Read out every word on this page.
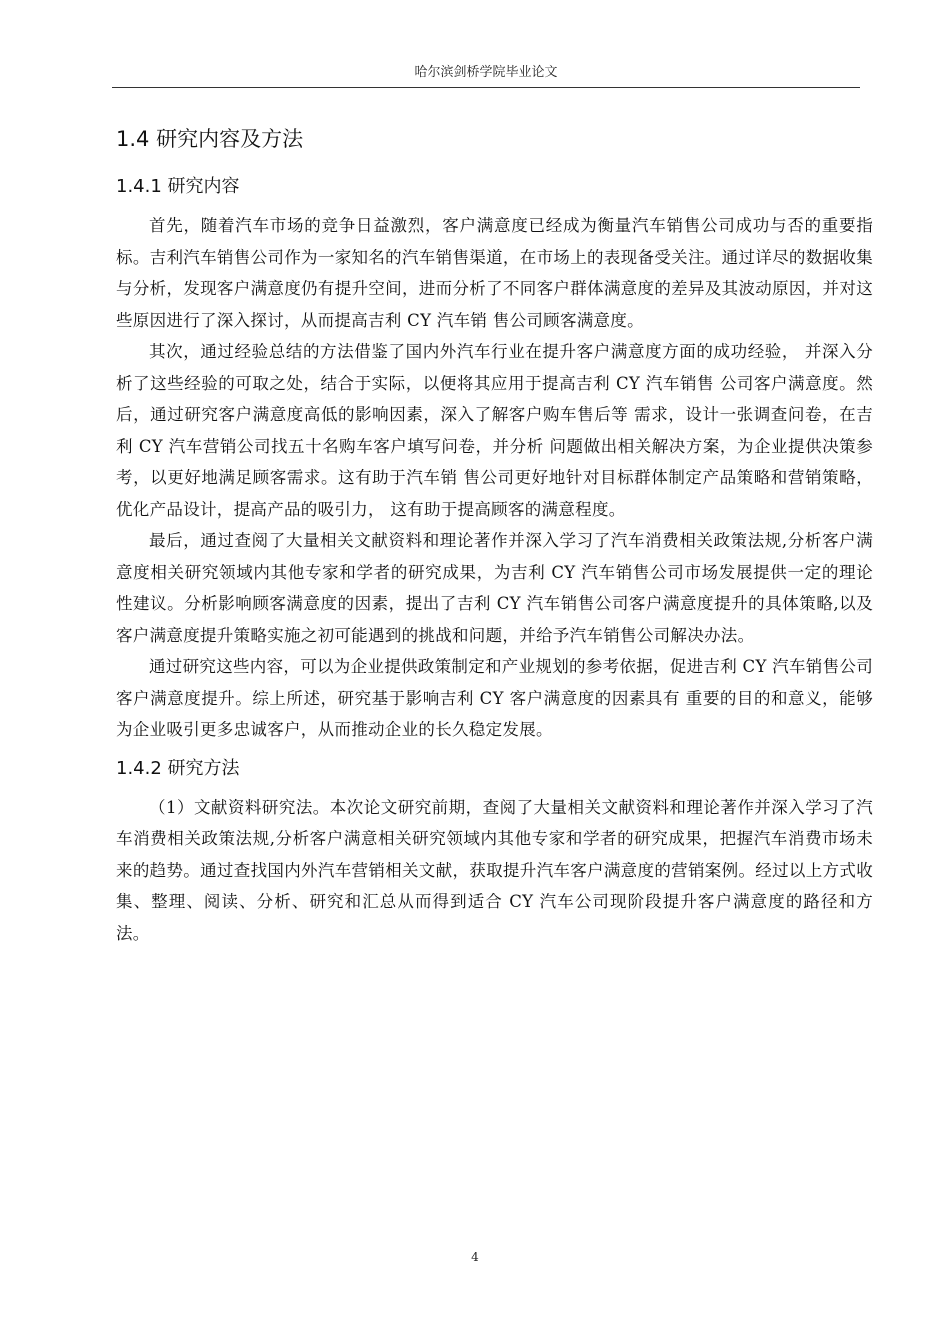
哈尔滨剑桥学院毕业论文
1.4 研究内容及方法
1.4.1 研究内容

首先，随着汽车市场的竞争日益激烈，客户满意度已经成为衡量汽车销售公司成功与否的重要指标。吉利汽车销售公司作为一家知名的汽车销售渠道，在市场上的表现备受关注。通过详尽的数据收集与分析，发现客户满意度仍有提升空间，进而分析了不同客户群体满意度的差异及其波动原因，并对这些原因进行了深入探讨，从而提高吉利 CY 汽车销 售公司顾客满意度。

其次，通过经验总结的方法借鉴了国内外汽车行业在提升客户满意度方面的成功经验， 并深入分析了这些经验的可取之处，结合于实际，以便将其应用于提高吉利 CY 汽车销售 公司客户满意度。然后，通过研究客户满意度高低的影响因素，深入了解客户购车售后等 需求，设计一张调查问卷，在吉利 CY 汽车营销公司找五十名购车客户填写问卷，并分析 问题做出相关解决方案，为企业提供决策参考，以更好地满足顾客需求。这有助于汽车销 售公司更好地针对目标群体制定产品策略和营销策略，优化产品设计，提高产品的吸引力， 这有助于提高顾客的满意程度。

最后，通过查阅了大量相关文献资料和理论著作并深入学习了汽车消费相关政策法规,分析客户满意度相关研究领域内其他专家和学者的研究成果，为吉利 CY 汽车销售公司市场发展提供一定的理论性建议。分析影响顾客满意度的因素，提出了吉利 CY 汽车销售公司客户满意度提升的具体策略,以及客户满意度提升策略实施之初可能遇到的挑战和问题，并给予汽车销售公司解决办法。

通过研究这些内容，可以为企业提供政策制定和产业规划的参考依据，促进吉利 CY 汽车销售公司客户满意度提升。综上所述，研究基于影响吉利 CY 客户满意度的因素具有 重要的目的和意义，能够为企业吸引更多忠诚客户，从而推动企业的长久稳定发展。

1.4.2 研究方法

（1）文献资料研究法。本次论文研究前期，查阅了大量相关文献资料和理论著作并深入学习了汽车消费相关政策法规,分析客户满意相关研究领域内其他专家和学者的研究成果，把握汽车消费市场未来的趋势。通过查找国内外汽车营销相关文献，获取提升汽车客户满意度的营销案例。经过以上方式收集、整理、阅读、分析、研究和汇总从而得到适合 CY 汽车公司现阶段提升客户满意度的路径和方法。

4
